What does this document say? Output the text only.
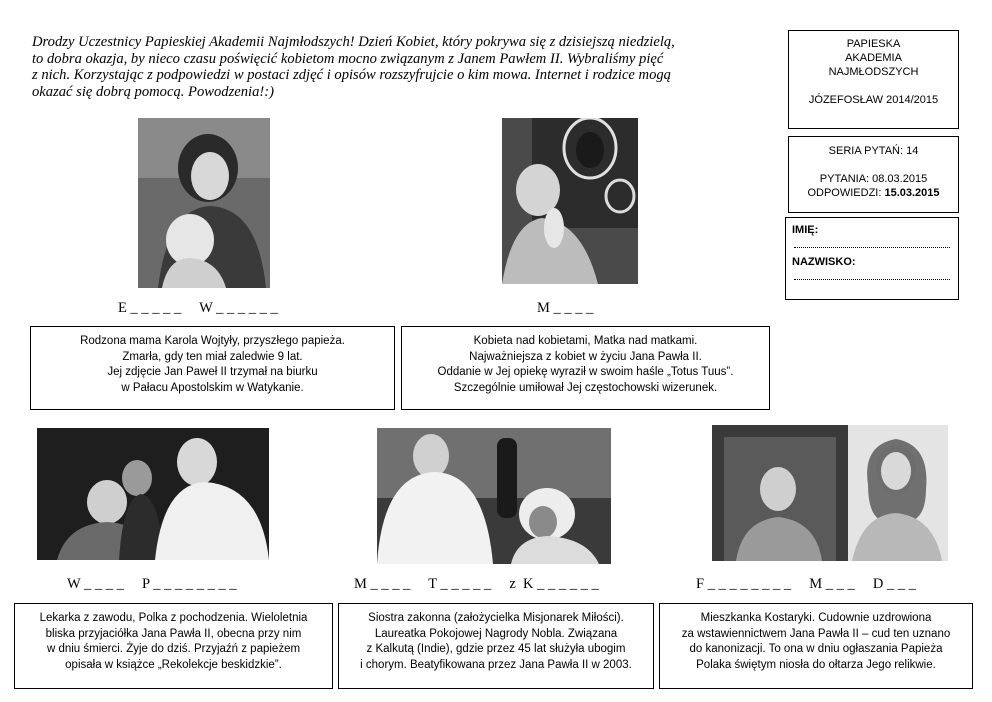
Drodzy Uczestnicy Papieskiej Akademii Najmłodszych! Dzień Kobiet, który pokrywa się z dzisiejszą niedzielą,
to dobra okazja, by nieco czasu poświęcić kobietom mocno związanym z Janem Pawłem II. Wybraliśmy pięć
z nich. Korzystając z podpowiedzi w postaci zdjęć i opisów rozszyfrujcie o kim mowa. Internet i rodzice mogą
okazać się dobrą pomocą. Powodzenia!:)
PAPIESKA
AKADEMIA
NAJMŁODSZYCH
JÓZEFOSŁAW 2014/2015
SERIA PYTAŃ: 14
PYTANIA: 08.03.2015
ODPOWIEDZI: 15.03.2015
IMIĘ:
NAZWISKO:
E _ _ _ _ _     W _ _ _ _ _ _	M _ _ _ _
W _ _ _ _     P _ _ _ _ _ _ _ _	M _ _ _ _     T _ _ _ _ _     z  K _ _ _ _ _ _	F _ _ _ _ _ _ _ _     M _ _ _     D _ _ _
Rodzona mama Karola Wojtyły, przyszłego papieża.
Zmarła, gdy ten miał zaledwie 9 lat.
Jej zdjęcie Jan Paweł II trzymał na biurku
w Pałacu Apostolskim w Watykanie.
Kobieta nad kobietami, Matka nad matkami.
Najważniejsza z kobiet w życiu Jana Pawła II.
Oddanie w Jej opiekę wyraził w swoim haśle „Totus Tuus”.
Szczególnie umiłował Jej częstochowski wizerunek.
Lekarka z zawodu, Polka z pochodzenia. Wieloletnia
bliska przyjaciółka Jana Pawła II, obecna przy nim
w dniu śmierci. Żyje do dziś. Przyjaźń z papieżem
opisała w książce „Rekolekcje beskidzkie”.
Siostra zakonna (założycielka Misjonarek Miłości).
Laureatka Pokojowej Nagrody Nobla. Związana
z Kalkutą (Indie), gdzie przez 45 lat służyła ubogim
i chorym. Beatyfikowana przez Jana Pawła II w 2003.
Mieszkanka Kostaryki. Cudownie uzdrowiona
za wstawiennictwem Jana Pawła II – cud ten uznano
do kanonizacji. To ona w dniu ogłaszania Papieża
Polaka świętym niosła do ołtarza Jego relikwie.
